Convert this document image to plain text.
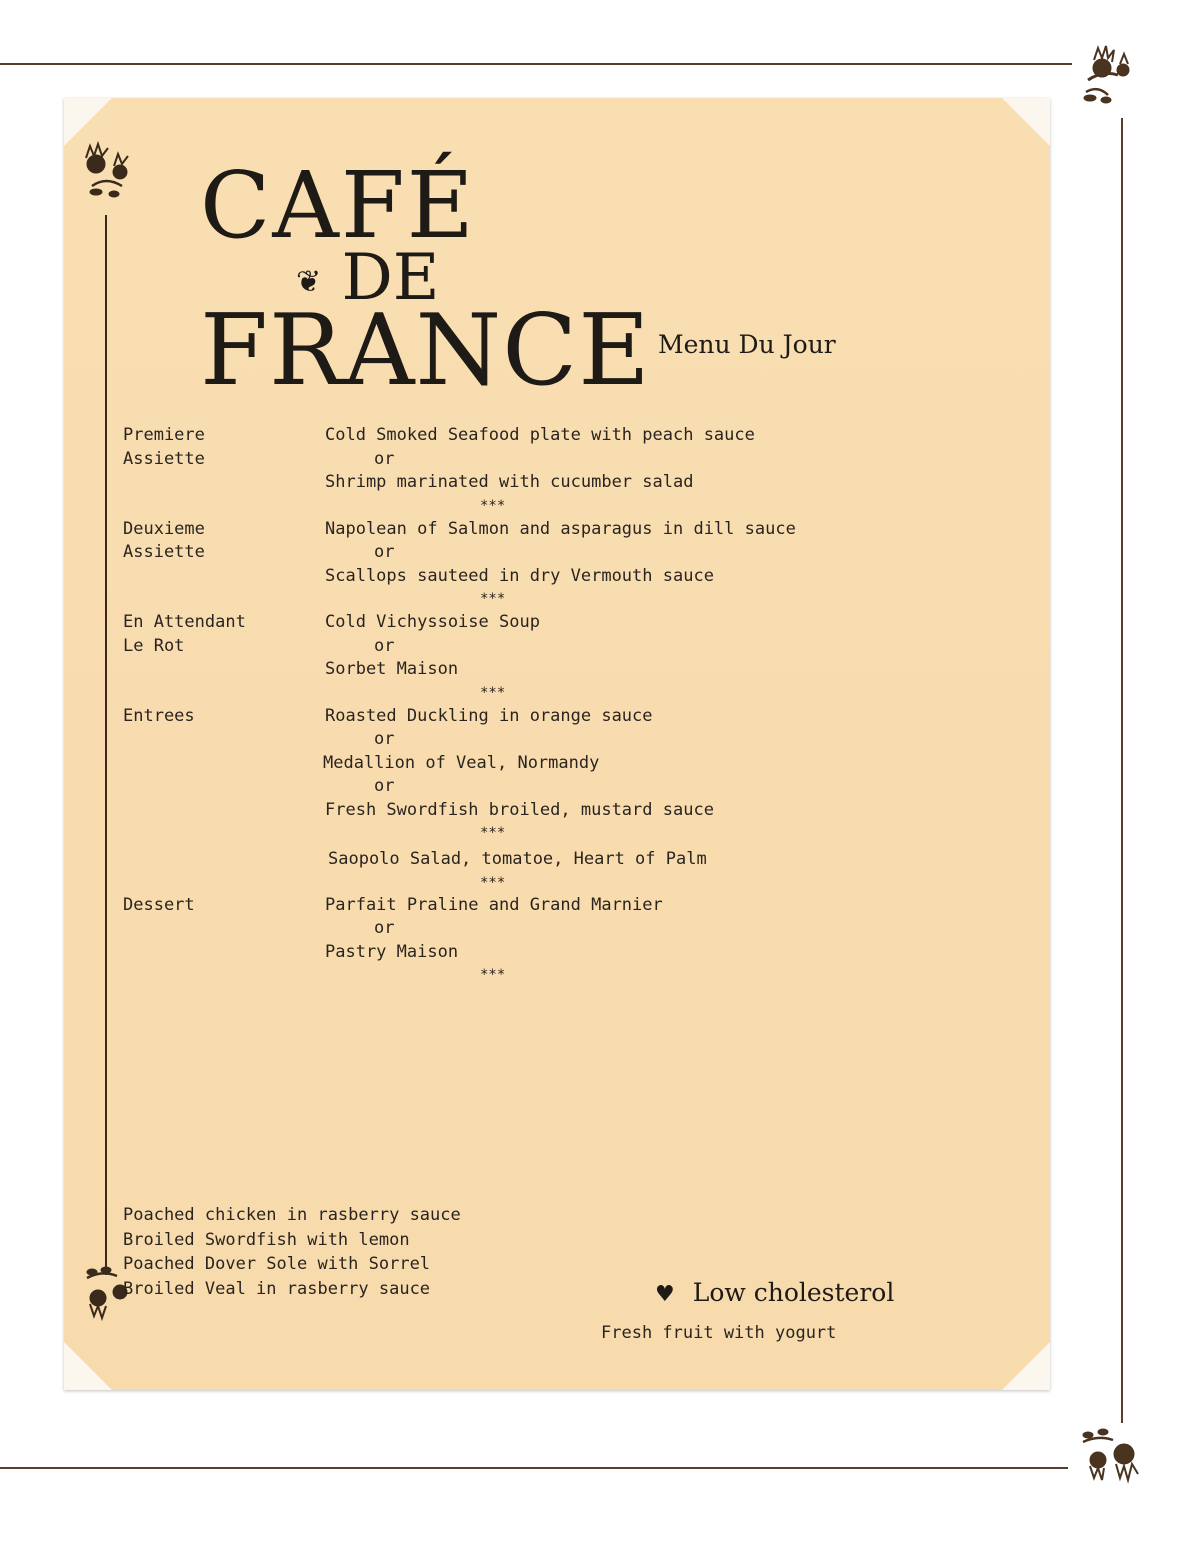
CAFÉ
❦ DE
FRANCE Menu Du Jour
Premiere	Cold Smoked Seafood plate with peach sauce
Assiette	or
Shrimp marinated with cucumber salad
***
Deuxieme	Napolean of Salmon and asparagus in dill sauce
Assiette	or
Scallops sauteed in dry Vermouth sauce
***
En Attendant	Cold Vichyssoise Soup
Le Rot	or
Sorbet Maison
***
Entrees	Roasted Duckling in orange sauce
or
Medallion of Veal, Normandy
or
Fresh Swordfish broiled, mustard sauce
***
Saopolo Salad, tomatoe, Heart of Palm
***
Dessert	Parfait Praline and Grand Marnier
or
Pastry Maison
***
Poached chicken in rasberry sauce
Broiled Swordfish with lemon
Poached Dover Sole with Sorrel
Broiled Veal in rasberry sauce	♥ Low cholesterol
Fresh fruit with yogurt
